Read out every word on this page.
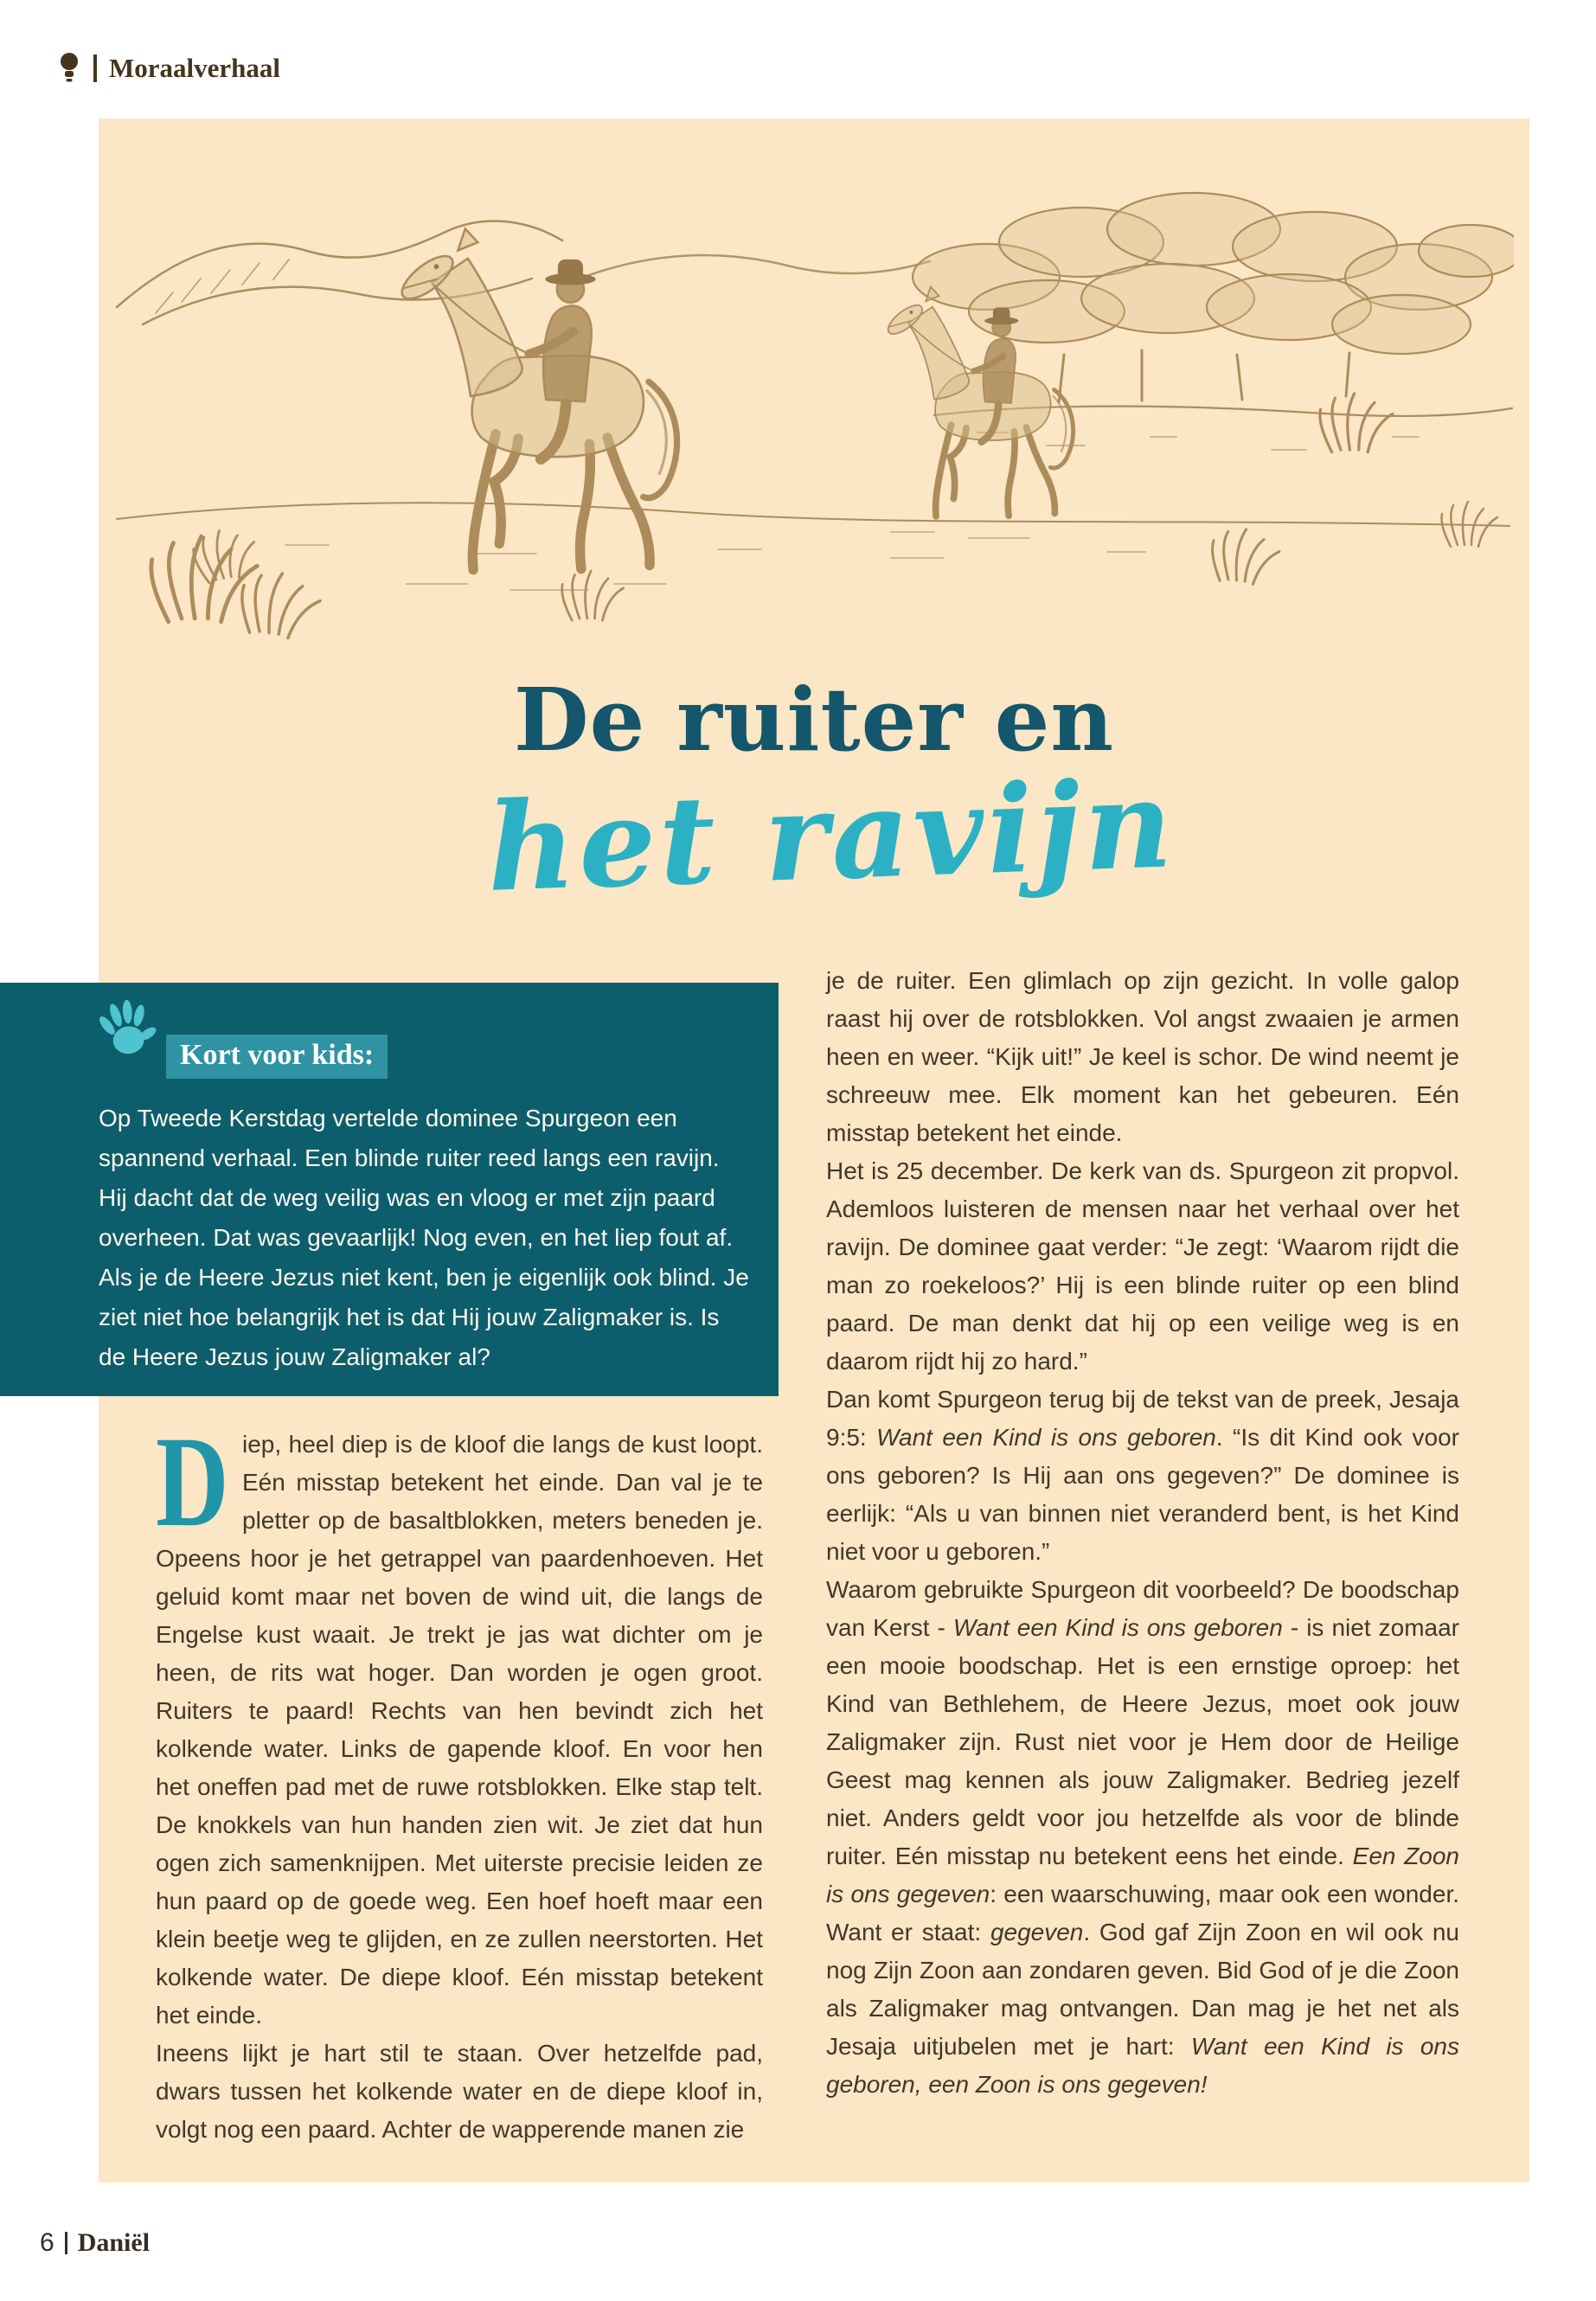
Moraalverhaal
De ruiter en
het ravijn
Kort voor kids:
Op Tweede Kerstdag vertelde dominee Spurgeon een spannend verhaal. Een blinde ruiter reed langs een ravijn. Hij dacht dat de weg veilig was en vloog er met zijn paard overheen. Dat was gevaarlijk! Nog even, en het liep fout af. Als je de Heere Jezus niet kent, ben je eigenlijk ook blind. Je ziet niet hoe belangrijk het is dat Hij jouw Zaligmaker is. Is de Heere Jezus jouw Zaligmaker al?

D iep, heel diep is de kloof die langs de kust loopt. Eén misstap betekent het einde. Dan val je te pletter op de basaltblokken, meters beneden je. Opeens hoor je het getrappel van paardenhoeven. Het geluid komt maar net boven de wind uit, die langs de Engelse kust waait. Je trekt je jas wat dichter om je heen, de rits wat hoger. Dan worden je ogen groot. Ruiters te paard! Rechts van hen bevindt zich het kolkende water. Links de gapende kloof. En voor hen het oneffen pad met de ruwe rotsblokken. Elke stap telt. De knokkels van hun handen zien wit. Je ziet dat hun ogen zich samenknijpen. Met uiterste precisie leiden ze hun paard op de goede weg. Een hoef hoeft maar een klein beetje weg te glijden, en ze zullen neerstorten. Het kolkende water. De diepe kloof. Eén misstap betekent het einde.

Ineens lijkt je hart stil te staan. Over hetzelfde pad, dwars tussen het kolkende water en de diepe kloof in, volgt nog een paard. Achter de wapperende manen zie

je de ruiter. Een glimlach op zijn gezicht. In volle galop raast hij over de rotsblokken. Vol angst zwaaien je armen heen en weer. “Kijk uit!” Je keel is schor. De wind neemt je schreeuw mee. Elk moment kan het gebeuren. Eén misstap betekent het einde.

Het is 25 december. De kerk van ds. Spurgeon zit propvol. Ademloos luisteren de mensen naar het verhaal over het ravijn. De dominee gaat verder: “Je zegt: ‘Waarom rijdt die man zo roekeloos?’ Hij is een blinde ruiter op een blind paard. De man denkt dat hij op een veilige weg is en daarom rijdt hij zo hard.”

Dan komt Spurgeon terug bij de tekst van de preek, Jesaja 9:5: Want een Kind is ons geboren. “Is dit Kind ook voor ons geboren? Is Hij aan ons gegeven?” De dominee is eerlijk: “Als u van binnen niet veranderd bent, is het Kind niet voor u geboren.”

Waarom gebruikte Spurgeon dit voorbeeld? De boodschap van Kerst - Want een Kind is ons geboren - is niet zomaar een mooie boodschap. Het is een ernstige oproep: het Kind van Bethlehem, de Heere Jezus, moet ook jouw Zaligmaker zijn. Rust niet voor je Hem door de Heilige Geest mag kennen als jouw Zaligmaker. Bedrieg jezelf niet. Anders geldt voor jou hetzelfde als voor de blinde ruiter. Eén misstap nu betekent eens het einde. Een Zoon is ons gegeven: een waarschuwing, maar ook een wonder. Want er staat: gegeven. God gaf Zijn Zoon en wil ook nu nog Zijn Zoon aan zondaren geven. Bid God of je die Zoon als Zaligmaker mag ontvangen. Dan mag je het net als Jesaja uitjubelen met je hart: Want een Kind is ons geboren, een Zoon is ons gegeven!

6 Daniël
